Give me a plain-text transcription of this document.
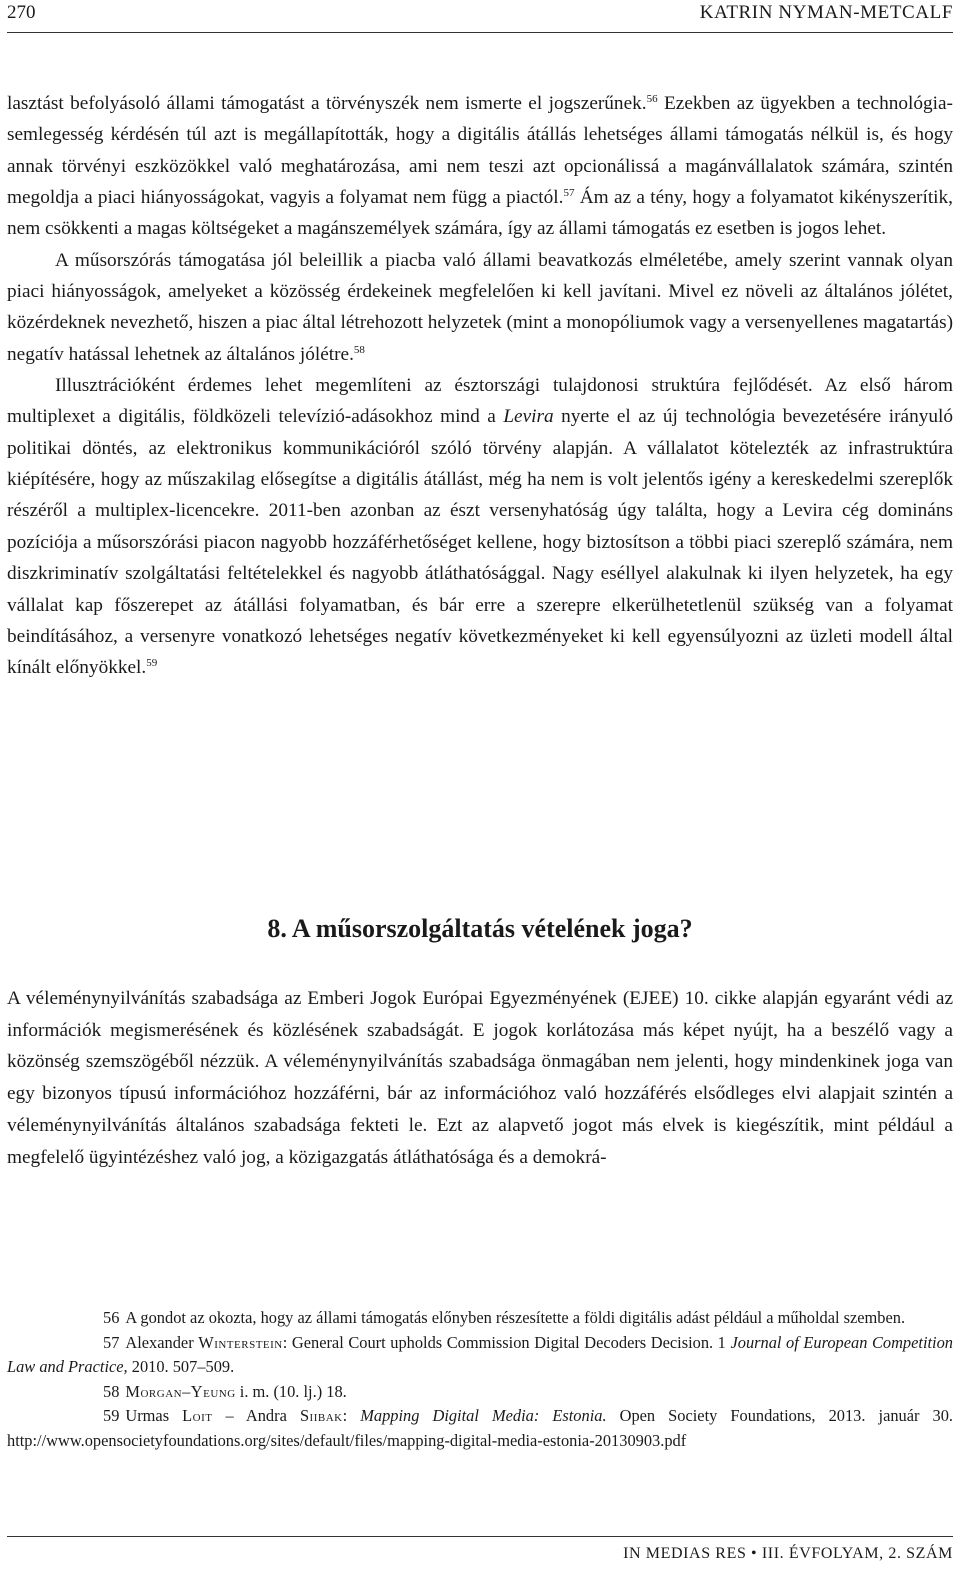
270	KATRIN NYMAN-METCALF

lasztást befolyásoló állami támogatást a törvényszék nem ismerte el jogszerűnek.$^{56}$ Ezekben az ügyekben a technológia-semlegesség kérdésén túl azt is megállapították, hogy a digitális átállás lehetséges állami támogatás nélkül is, és hogy annak törvényi eszközökkel való meghatározása, ami nem teszi azt opcionálissá a magánvállalatok számára, szintén megoldja a piaci hiányosságokat, vagyis a folyamat nem függ a piactól.$^{57}$ Ám az a tény, hogy a folyamatot kikényszerítik, nem csökkenti a magas költségeket a magánszemélyek számára, így az állami támogatás ez esetben is jogos lehet.

A műsorszórás támogatása jól beleillik a piacba való állami beavatkozás elméletébe, amely szerint vannak olyan piaci hiányosságok, amelyeket a közösség érdekeinek megfelelően ki kell javítani. Mivel ez növeli az általános jólétet, közérdeknek nevezhető, hiszen a piac által létrehozott helyzetek (mint a monopóliumok vagy a versenyellenes magatartás) negatív hatással lehetnek az általános jólétre.$^{58}$

Illusztrációként érdemes lehet megemlíteni az észtországi tulajdonosi struktúra fejlődését. Az első három multiplexet a digitális, földközeli televízió-adásokhoz mind a Levira nyerte el az új technológia bevezetésére irányuló politikai döntés, az elektronikus kommunikációról szóló törvény alapján. A vállalatot kötelezték az infrastruktúra kiépítésére, hogy az műszakilag elősegítse a digitális átállást, még ha nem is volt jelentős igény a kereskedelmi szereplők részéről a multiplex-licencekre. 2011-ben azonban az észt versenyhatóság úgy találta, hogy a Levira cég domináns pozíciója a műsorszórási piacon nagyobb hozzáférhetőséget kellene, hogy biztosítson a többi piaci szereplő számára, nem diszkriminatív szolgáltatási feltételekkel és nagyobb átláthatósággal. Nagy eséllyel alakulnak ki ilyen helyzetek, ha egy vállalat kap főszerepet az átállási folyamatban, és bár erre a szerepre elkerülhetetlenül szükség van a folyamat beindításához, a versenyre vonatkozó lehetséges negatív következményeket ki kell egyensúlyozni az üzleti modell által kínált előnyökkel.$^{59}$

8. A műsorszolgáltatás vételének joga?
A véleménynyilvánítás szabadsága az Emberi Jogok Európai Egyezményének (EJEE) 10. cikke alapján egyaránt védi az információk megismerésének és közlésének szabadságát. E jogok korlátozása más képet nyújt, ha a beszélő vagy a közönség szemszögéből nézzük. A véleménynyilvánítás szabadsága önmagában nem jelenti, hogy mindenkinek joga van egy bizonyos típusú információhoz hozzáférni, bár az információhoz való hozzáférés elsődleges elvi alapjait szintén a véleménynyilvánítás általános szabadsága fekteti le. Ezt az alapvető jogot más elvek is kiegészítik, mint például a megfelelő ügyintézéshez való jog, a közigazgatás átláthatósága és a demokrá-

56 A gondot az okozta, hogy az állami támogatás előnyben részesítette a földi digitális adást például a műholdal szemben.

57 Alexander Winterstein: General Court upholds Commission Digital Decoders Decision. 1 Journal of European Competition Law and Practice, 2010. 507–509.

58 Morgan–Yeung i. m. (10. lj.) 18.

59 Urmas Loit – Andra Siibak: Mapping Digital Media: Estonia. Open Society Foundations, 2013. január 30. http://www.opensocietyfoundations.org/sites/default/files/mapping-digital-media-estonia-20130903.pdf

IN MEDIAS RES • III. ÉVFOLYAM, 2. SZÁM
